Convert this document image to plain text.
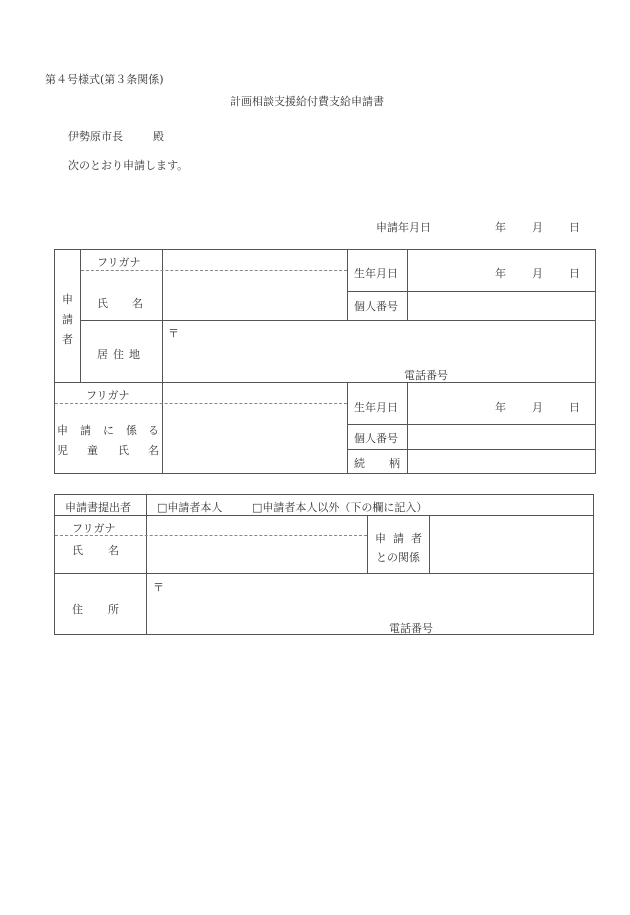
第４号様式(第３条関係)
計画相談支援給付費支給申請書
伊勢原市長	殿
次のとおり申請します。
申請年月日	年 月 日
申
請
者
フリガナ
氏 名
生年月日	年 月 日
個人番号
居 住 地
〒
電話番号
フリガナ
申 請 に 係 る
児 童 氏 名
生年月日	年 月 日
個人番号
続 柄
申請書提出者 □申請者本人	□申請者本人以外（下の欄に記入）
フリガナ
氏 名
申 請 者
との関係
住 所
〒
電話番号
